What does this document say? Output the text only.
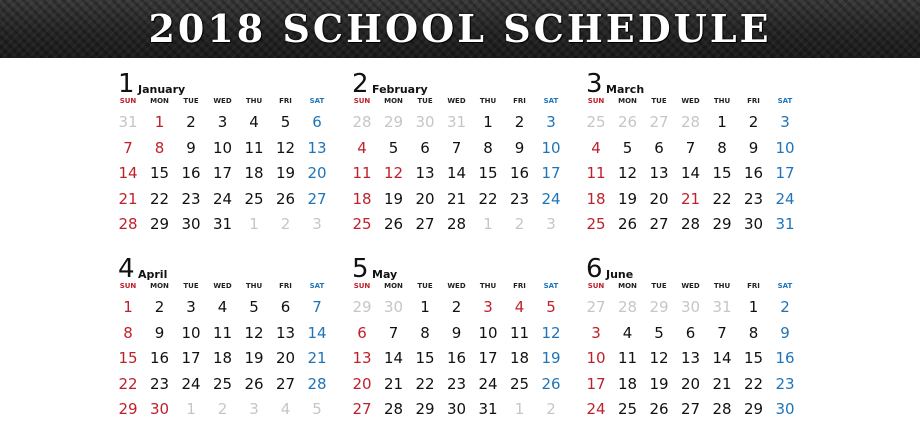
2018 SCHOOL SCHEDULE
1 January
SUN	MON	TUE	WED	THU	FRI	SAT
31	1	2	3	4	5	6
7	8	9	10 11 12 13
14 15 16 17 18 19 20
21 22 23 24 25 26 27
28 29 30 31	1	2	3
2 February
SUN	MON	TUE	WED	THU	FRI	SAT
28 29 30 31	1	2	3
4	5	6	7	8	9	10
11 12 13 14 15 16 17
18 19 20 21 22 23 24
25 26 27 28	1	2	3
3 March
SUN	MON	TUE	WED	THU	FRI	SAT
25 26 27 28	1	2	3
4	5	6	7	8	9	10
11 12 13 14 15 16 17
18 19 20 21 22 23 24
25 26 27 28 29 30 31
4 April
SUN	MON	TUE	WED	THU	FRI	SAT
1	2	3	4	5	6	7
8	9	10 11 12 13 14
15 16 17 18 19 20 21
22 23 24 25 26 27 28
29 30	1	2	3	4	5
5 May
SUN	MON	TUE	WED	THU	FRI	SAT
29 30	1	2	3	4	5
6	7	8	9	10 11 12
13 14 15 16 17 18 19
20 21 22 23 24 25 26
27 28 29 30 31	1	2
6 June
SUN	MON	TUE	WED	THU	FRI	SAT
27 28 29 30 31	1	2
3	4	5	6	7	8	9
10 11 12 13 14 15 16
17 18 19 20 21 22 23
24 25 26 27 28 29 30
